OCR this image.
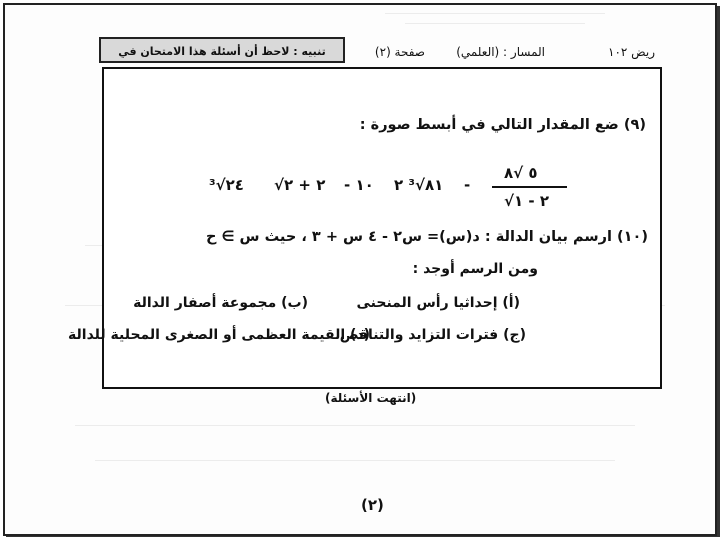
تنبيه : لاحظ أن أسئلة هذا الامتحان في	ريض ١٠٢
المسار : (العلمي)
صفحة (٢)
(٩) ضع المقدار التالي في أبسط صورة :
٥ √٨
√٢ - ١
-
٢ ³√٨١
- ١٠
√٢ + ٢
³√٢٤
(١٠) ارسم بيان الدالة : د(س)= س٢ - ٤ س + ٣ ، حيث س ∋ ح
ومن الرسم أوجد :
(أ) إحداثيا رأس المنحنى
(ب) مجموعة أصفار الدالة
(ج) فترات التزايد والتناقص
(د) القيمة العظمى أو الصغرى المحلية للدالة
(انتهت الأسئلة)
(٢)
